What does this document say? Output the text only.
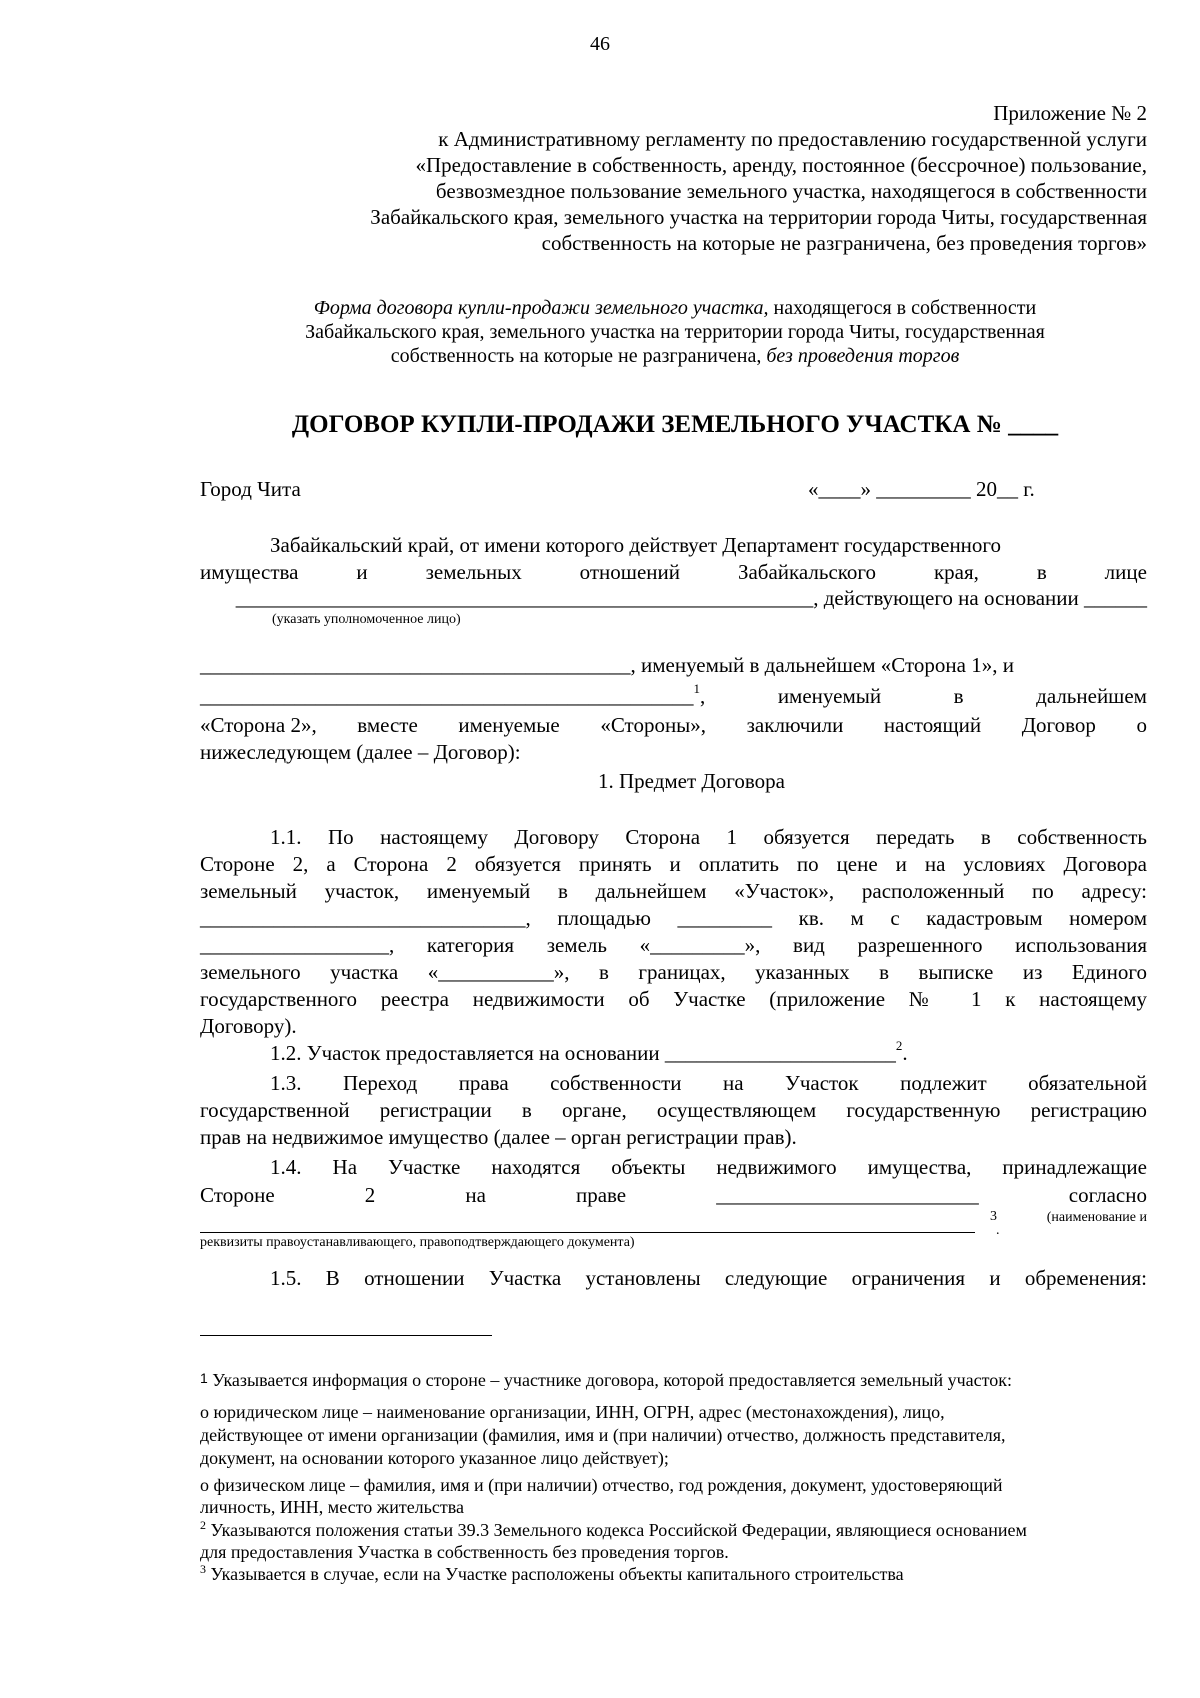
46
Приложение № 2
к Административному регламенту по предоставлению государственной услуги
«Предоставление в собственность, аренду, постоянное (бессрочное) пользование,
безвозмездное пользование земельного участка, находящегося в собственности
Забайкальского края, земельного участка на территории города Читы, государственная
собственность на которые не разграничена, без проведения торгов»
Форма договора купли-продажи земельного участка, находящегося в собственности
Забайкальского края, земельного участка на территории города Читы, государственная
собственность на которые не разграничена, без проведения торгов
ДОГОВОР КУПЛИ-ПРОДАЖИ ЗЕМЕЛЬНОГО УЧАСТКА № ____
Город Чита	«____» _________ 20__ г.
Забайкальский край, от имени которого действует Департамент государственного
имущества	и	земельных	отношений	Забайкальского	края,	в	лице
_______________________________________________________, действующего на основании ______
(указать уполномоченное лицо)
_________________________________________, именуемый в дальнейшем «Сторона 1», и
_______________________________________________$^1$,	именуемый	в	дальнейшем
«Сторона 2», вместе именуемые «Стороны», заключили настоящий Договор о
нижеследующем (далее – Договор):
1. Предмет Договора
1.1. По настоящему Договору Сторона 1 обязуется передать в собственность
Стороне 2, а Сторона 2 обязуется принять и оплатить по цене и на условиях Договора
земельный участок, именуемый в дальнейшем «Участок», расположенный по адресу:
_______________________________, площадью _________ кв. м с кадастровым номером
__________________, категория земель «_________», вид разрешенного использования
земельного участка «___________», в границах, указанных в выписке из Единого
государственного реестра недвижимости об Участке (приложение № 1 к настоящему
Договору).
1.2. Участок предоставляется на основании ______________________$^2$.
1.3. Переход права собственности на Участок подлежит обязательной
государственной регистрации в органе, осуществляющем государственную регистрацию
прав на недвижимое имущество (далее – орган регистрации прав).
1.4. На Участке находятся объекты недвижимого имущества, принадлежащие
Стороне	2	на	праве	_________________________	согласно
3
.
(наименование и
реквизиты правоустанавливающего, правоподтверждающего документа)
1.5. В отношении Участка установлены следующие ограничения и обременения:
1 Указывается информация о стороне – участнике договора, которой предоставляется земельный участок:
о юридическом лице – наименование организации, ИНН, ОГРН, адрес (местонахождения), лицо,
действующее от имени организации (фамилия, имя и (при наличии) отчество, должность представителя,
документ, на основании которого указанное лицо действует);
о физическом лице – фамилия, имя и (при наличии) отчество, год рождения, документ, удостоверяющий
личность, ИНН, место жительства
$^2$ Указываются положения статьи 39.3 Земельного кодекса Российской Федерации, являющиеся основанием
для предоставления Участка в собственность без проведения торгов.
$^3$ Указывается в случае, если на Участке расположены объекты капитального строительства
